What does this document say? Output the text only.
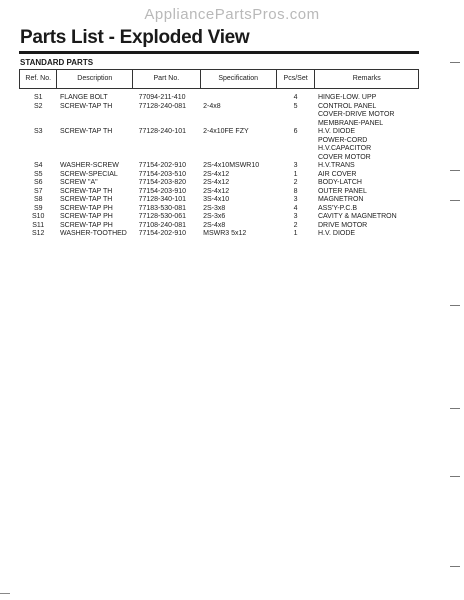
AppliancePartsPros.com
Parts List - Exploded View
STANDARD PARTS
Ref. No.	Description	Part No.	Specification	Pcs/Set	Remarks
S1	FLANGE BOLT	77094-211-410		4	HINGE-LOW. UPP

S2	SCREW-TAP TH	77128-240-081	2-4x8	5	CONTROL PANEL
COVER-DRIVE MOTOR
MEMBRANE-PANEL

S3	SCREW-TAP TH	77128-240-101	2-4x10FE FZY	6	H.V. DIODE
POWER-CORD
H.V.CAPACITOR
COVER MOTOR

S4	WASHER-SCREW	77154-202-910	2S-4x10MSWR10	3	H.V.TRANS

S5	SCREW-SPECIAL	77154-203-510	2S-4x12	1	AIR COVER

S6	SCREW "A"	77154-203-820	2S-4x12	2	BODY-LATCH

S7	SCREW-TAP TH	77154-203-910	2S-4x12	8	OUTER PANEL

S8	SCREW-TAP TH	77128-340-101	3S-4x10	3	MAGNETRON

S9	SCREW-TAP PH	77183-530-081	2S-3x8	4	ASS'Y-P.C.B

S10	SCREW-TAP PH	77128-530-061	2S-3x6	3	CAVITY & MAGNETRON

S11	SCREW-TAP PH	77108-240-081	2S-4x8	2	DRIVE MOTOR

S12	WASHER-TOOTHED	77154-202-910	MSWR3 5x12	1	H.V. DIODE
